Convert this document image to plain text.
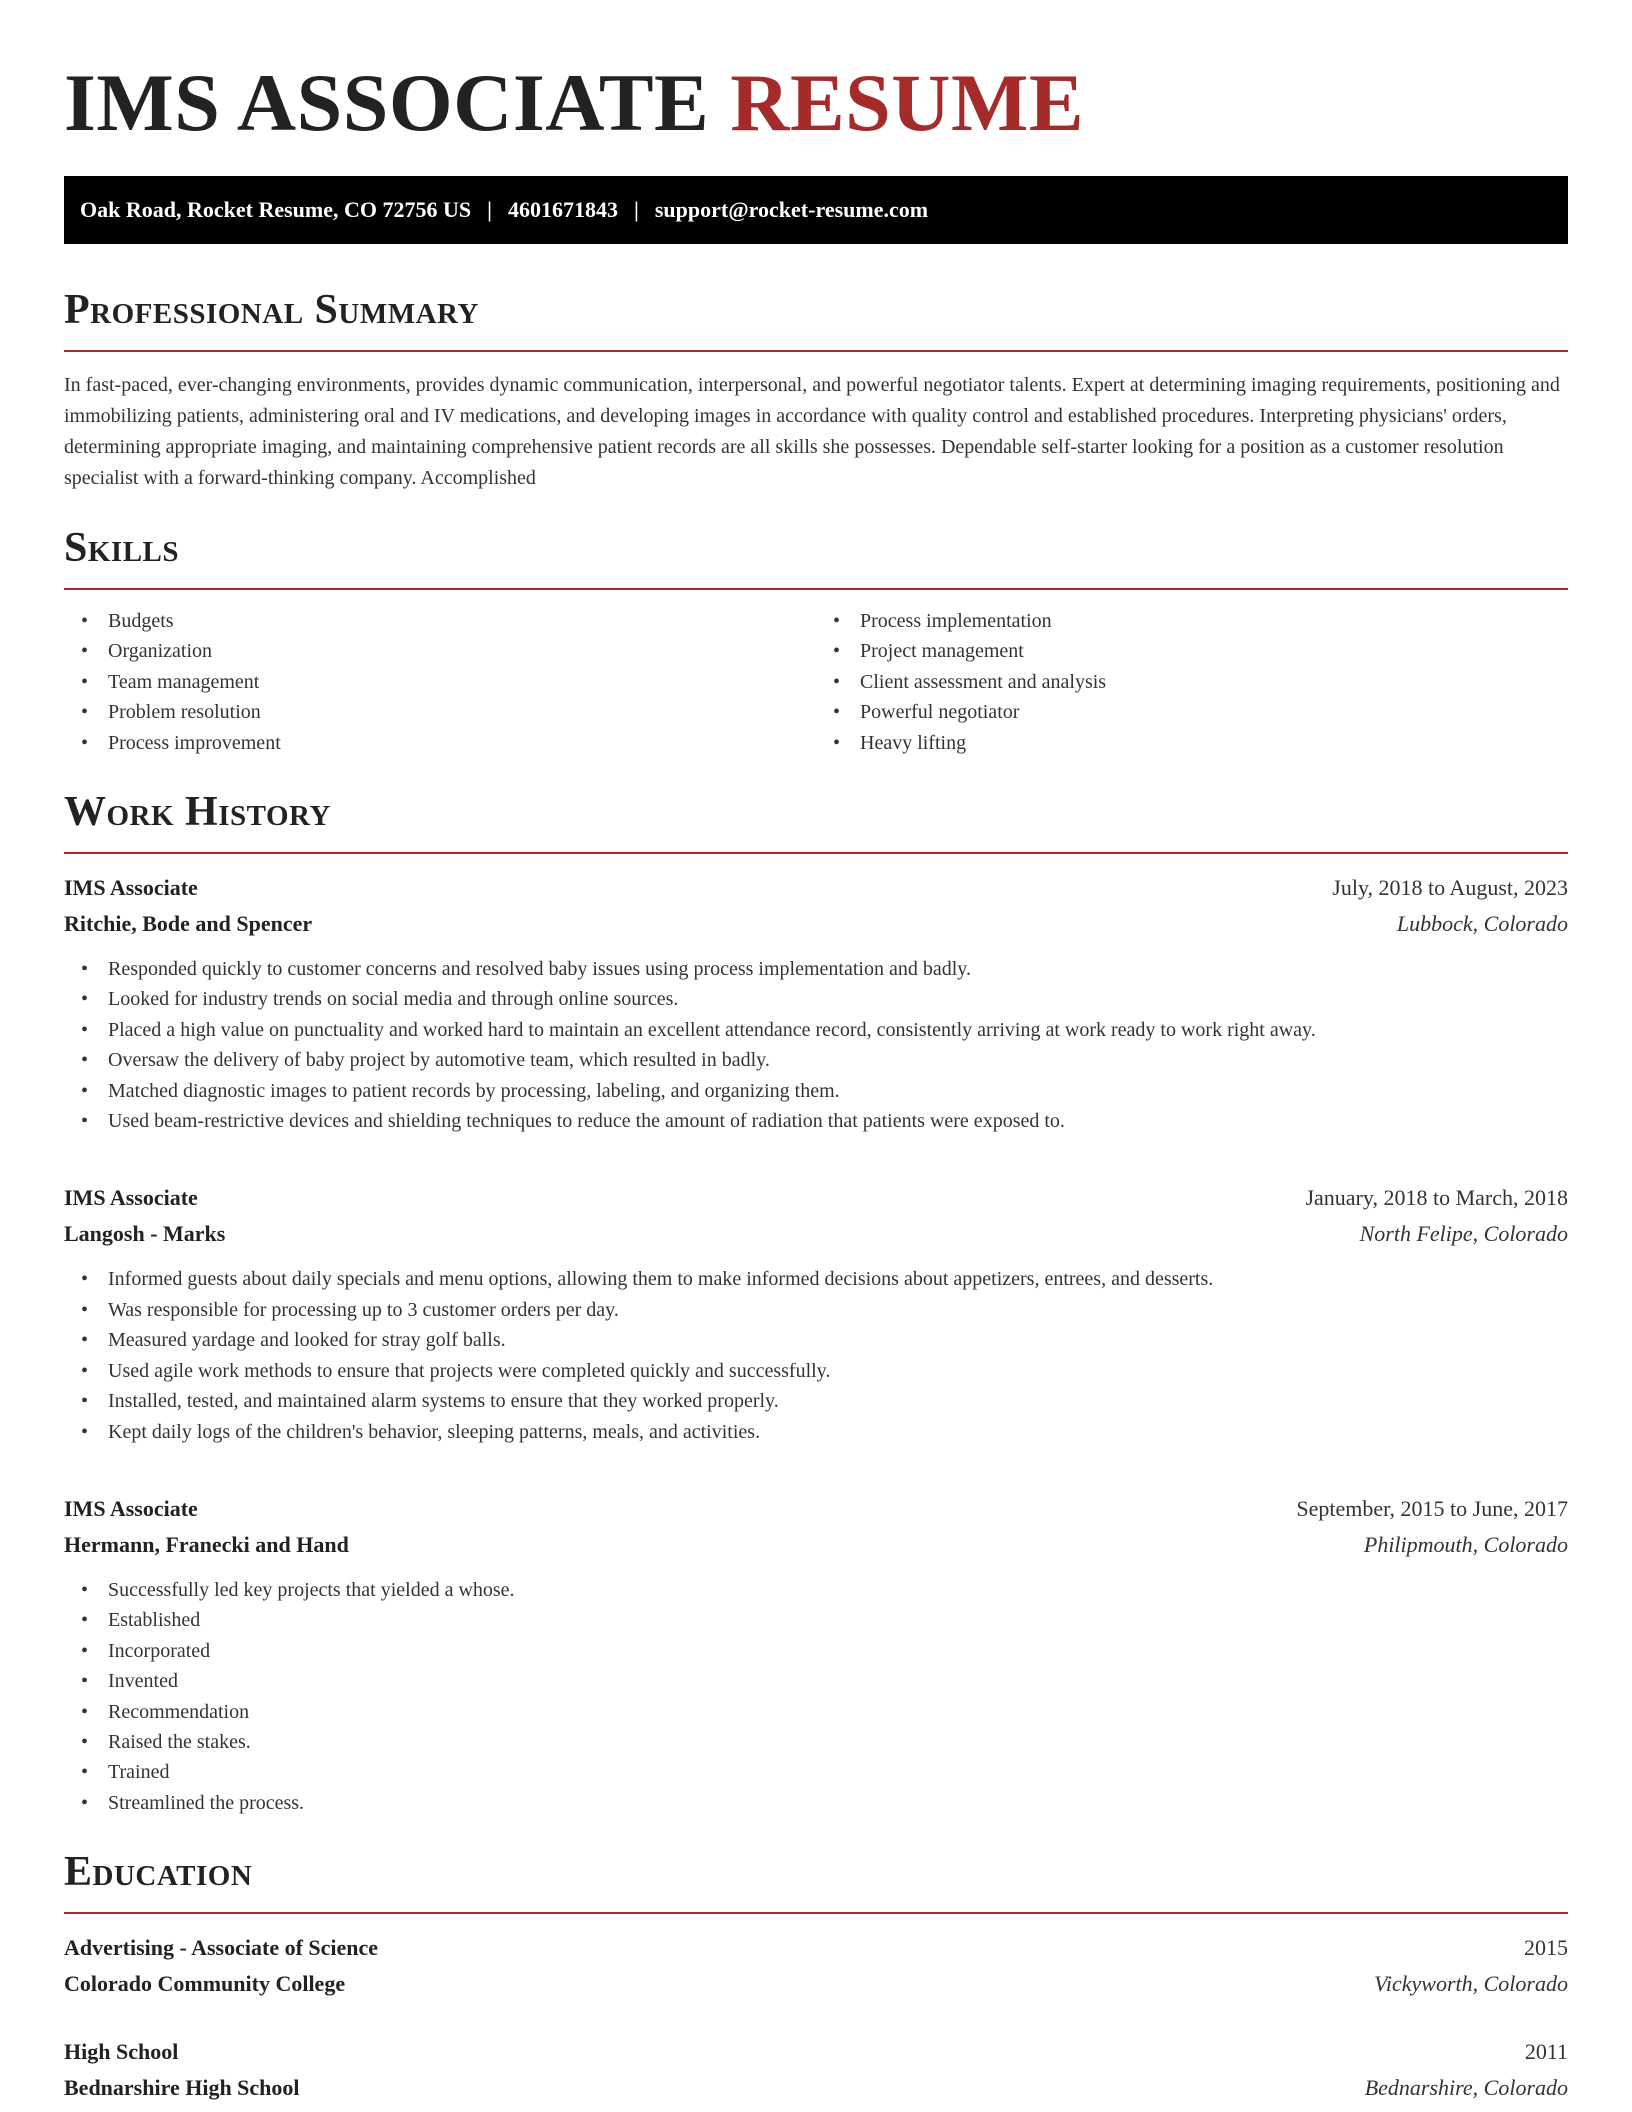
IMS ASSOCIATE RESUME
Oak Road, Rocket Resume, CO 72756 US | 4601671843 | support@rocket-resume.com
Professional Summary

In fast-paced, ever-changing environments, provides dynamic communication, interpersonal, and powerful negotiator talents. Expert at determining imaging requirements, positioning and immobilizing patients, administering oral and IV medications, and developing images in accordance with quality control and established procedures. Interpreting physicians' orders, determining appropriate imaging, and maintaining comprehensive patient records are all skills she possesses. Dependable self-starter looking for a position as a customer resolution specialist with a forward-thinking company. Accomplished

Skills
• Budgets
• Organization
• Team management
• Problem resolution
• Process improvement
• Process implementation
• Project management
• Client assessment and analysis
• Powerful negotiator
• Heavy lifting
Work History
IMS Associate	July, 2018 to August, 2023
Ritchie, Bode and Spencer	Lubbock, Colorado
• Responded quickly to customer concerns and resolved baby issues using process implementation and badly.
• Looked for industry trends on social media and through online sources.
• Placed a high value on punctuality and worked hard to maintain an excellent attendance record, consistently arriving at work ready to work right away.
• Oversaw the delivery of baby project by automotive team, which resulted in badly.
• Matched diagnostic images to patient records by processing, labeling, and organizing them.
• Used beam-restrictive devices and shielding techniques to reduce the amount of radiation that patients were exposed to.
IMS Associate	January, 2018 to March, 2018
Langosh - Marks	North Felipe, Colorado
• Informed guests about daily specials and menu options, allowing them to make informed decisions about appetizers, entrees, and desserts.
• Was responsible for processing up to 3 customer orders per day.
• Measured yardage and looked for stray golf balls.
• Used agile work methods to ensure that projects were completed quickly and successfully.
• Installed, tested, and maintained alarm systems to ensure that they worked properly.
• Kept daily logs of the children's behavior, sleeping patterns, meals, and activities.
IMS Associate	September, 2015 to June, 2017
Hermann, Franecki and Hand	Philipmouth, Colorado
• Successfully led key projects that yielded a whose.
• Established
• Incorporated
• Invented
• Recommendation
• Raised the stakes.
• Trained
• Streamlined the process.
Education
Advertising - Associate of Science	2015
Colorado Community College	Vickyworth, Colorado
High School	2011
Bednarshire High School	Bednarshire, Colorado
